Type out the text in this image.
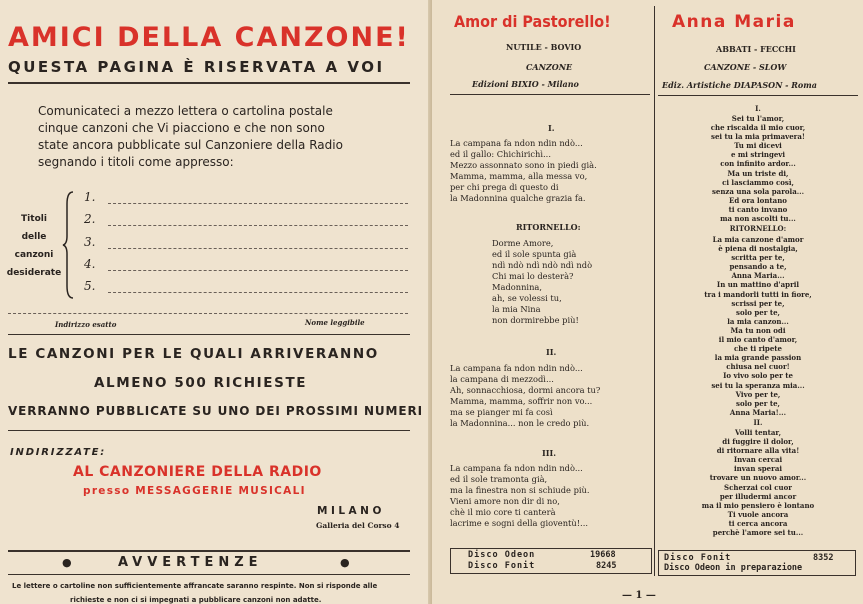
AMICI DELLA CANZONE!
QUESTA PAGINA È RISERVATA A VOI
Comunicateci a mezzo lettera o cartolina postale
cinque canzoni che Vi piacciono e che non sono
state ancora pubblicate sul Canzoniere della Radio
segnando i titoli come appresso:
Titoli
delle
canzoni
desiderate
1.
2.
3.
4.
5.
Indirizzo esatto	Nome leggibile
LE CANZONI PER LE QUALI ARRIVERANNO
ALMENO 500 RICHIESTE
VERRANNO PUBBLICATE SU UNO DEI PROSSIMI NUMERI
INDIRIZZATE:
AL CANZONIERE DELLA RADIO
presso MESSAGGERIE MUSICALI
MILANO
Galleria del Corso 4
●	AVVERTENZE	●
Le lettere o cartoline non sufficientemente affrancate saranno respinte. Non si risponde alle
richieste e non ci si impegnati a pubblicare canzoni non adatte.
Amor di Pastorello!
NUTILE - BOVIO
CANZONE
Edizioni BIXIO - Milano
I.
La campana fa ndon ndin ndò...
ed il gallo: Chichirichì...
Mezzo assonnato sono in piedi già.
Mamma, mamma, alla messa vo,
per chi prega di questo di
la Madonnina qualche grazia fa.
RITORNELLO:
Dorme Amore,
ed il sole spunta già
ndì ndò ndì ndò ndì ndò
Chi mai lo desterà?
Madonnina,
ah, se volessi tu,
la mia Nina
non dormirebbe più!
II.
La campana fa ndon ndin ndò...
la campana di mezzodì...
Ah, sonnacchiosa, dormi ancora tu?
Mamma, mamma, soffrir non vo...
ma se pianger mi fa così
la Madonnina... non le credo più.
III.
La campana fa ndon ndin ndò...
ed il sole tramonta già,
ma la finestra non si schiude più.
Vieni amore non dir di no,
chè il mio core ti canterà
lacrime e sogni della gioventù!...
Disco Odeon	19668
Disco Fonit	8245
Anna Maria
ABBATI - FECCHI
CANZONE - SLOW
Ediz. Artistiche DIAPASON - Roma
I.
Sei tu l'amor,
che riscalda il mio cuor,
sei tu la mia primavera!
Tu mi dicevi
e mi stringevi
con infinito ardor...
Ma un triste di,
ci lasciammo così,
senza una sola parola...
Ed ora lontano
ti canto invano
ma non ascolti tu...
RITORNELLO:
La mia canzone d'amor
è piena di nostalgia,
scritta per te,
pensando a te,
Anna Maria...
In un mattino d'april
tra i mandorli tutti in fiore,
scrissi per te,
solo per te,
la mia canzon...
Ma tu non odi
il mio canto d'amor,
che ti ripete
la mia grande passion
chiusa nel cuor!
Io vivo solo per te
sei tu la speranza mia...
Vivo per te,
solo per te,
Anna Maria!...
II.
Volli tentar,
di fuggire il dolor,
di ritornare alla vita!
Invan cercai
invan sperai
trovare un nuovo amor...
Scherzai col cuor
per illudermi ancor
ma il mio pensiero è lontano
Ti vuole ancora
ti cerca ancora
perchè l'amore sei tu...
Disco Fonit	8352
Disco Odeon in preparazione
— 1 —
